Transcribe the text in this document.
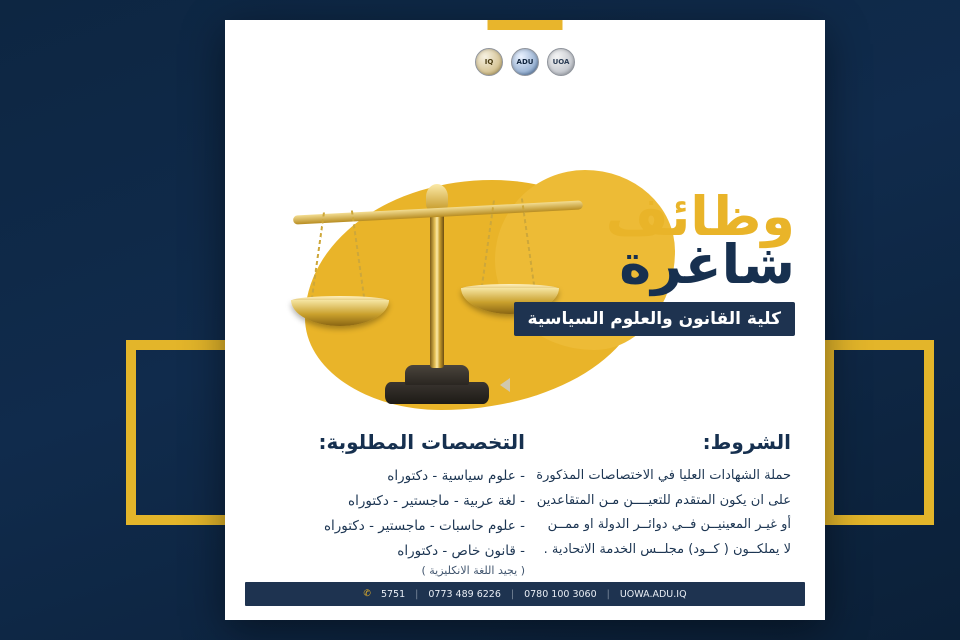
UOA
ADU
IQ
وظائف
شاغرة
كلية القانون والعلوم السياسية
الشروط:
حملة الشهادات العليا في الاختصاصات المذكورة
على ان يكون المتقدم للتعيــــن مـن المتقاعدين
أو غيـر المعينيــن فــي دوائــر الدولة او ممــن
لا يملكــون ( كــود) مجلــس الخدمة الاتحادية .
التخصصات المطلوبة:
- علوم سياسية - دكتوراه
- لغة عربية - ماجستير - دكتوراه
- علوم حاسبات - ماجستير - دكتوراه
- قانون خاص - دكتوراه
( يجيد اللغة الانكليزية )
✆ 5751 | 0773 489 6226 | 0780 100 3060 | UOWA.ADU.IQ
